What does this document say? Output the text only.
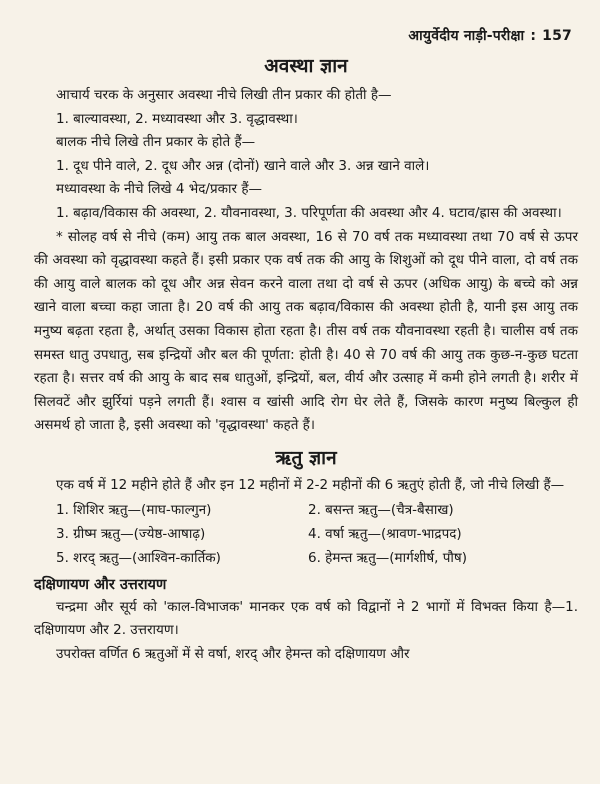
आयुर्वेदीय नाड़ी-परीक्षा : 157
अवस्था ज्ञान

आचार्य चरक के अनुसार अवस्था नीचे लिखी तीन प्रकार की होती है—

1. बाल्यावस्था, 2. मध्यावस्था और 3. वृद्धावस्था।

बालक नीचे लिखे तीन प्रकार के होते हैं—

1. दूध पीने वाले, 2. दूध और अन्न (दोनों) खाने वाले और 3. अन्न खाने वाले।

मध्यावस्था के नीचे लिखे 4 भेद/प्रकार हैं—

1. बढ़ाव/विकास की अवस्था, 2. यौवनावस्था, 3. परिपूर्णता की अवस्था और 4. घटाव/ह्रास की अवस्था।

* सोलह वर्ष से नीचे (कम) आयु तक बाल अवस्था, 16 से 70 वर्ष तक मध्यावस्था तथा 70 वर्ष से ऊपर की अवस्था को वृद्धावस्था कहते हैं। इसी प्रकार एक वर्ष तक की आयु के शिशुओं को दूध पीने वाला, दो वर्ष तक की आयु वाले बालक को दूध और अन्न सेवन करने वाला तथा दो वर्ष से ऊपर (अधिक आयु) के बच्चे को अन्न खाने वाला बच्चा कहा जाता है। 20 वर्ष की आयु तक बढ़ाव/विकास की अवस्था होती है, यानी इस आयु तक मनुष्य बढ़ता रहता है, अर्थात् उसका विकास होता रहता है। तीस वर्ष तक यौवनावस्था रहती है। चालीस वर्ष तक समस्त धातु उपधातु, सब इन्द्रियों और बल की पूर्णता: होती है। 40 से 70 वर्ष की आयु तक कुछ-न-कुछ घटता रहता है। सत्तर वर्ष की आयु के बाद सब धातुओं, इन्द्रियों, बल, वीर्य और उत्साह में कमी होने लगती है। शरीर में सिलवटें और झुर्रियां पड़ने लगती हैं। श्वास व खांसी आदि रोग घेर लेते हैं, जिसके कारण मनुष्य बिल्कुल ही असमर्थ हो जाता है, इसी अवस्था को 'वृद्धावस्था' कहते हैं।

ऋतु ज्ञान

एक वर्ष में 12 महीने होते हैं और इन 12 महीनों में 2-2 महीनों की 6 ऋतुएं होती हैं, जो नीचे लिखी हैं—

1. शिशिर ऋतु—(माघ-फाल्गुन)	2. बसन्त ऋतु—(चैत्र-बैसाख)
3. ग्रीष्म ऋतु—(ज्येष्ठ-आषाढ़)	4. वर्षा ऋतु—(श्रावण-भाद्रपद)
5. शरद् ऋतु—(आश्विन-कार्तिक)	6. हेमन्त ऋतु—(मार्गशीर्ष, पौष)
दक्षिणायण और उत्तरायण

चन्द्रमा और सूर्य को 'काल-विभाजक' मानकर एक वर्ष को विद्वानों ने 2 भागों में विभक्त किया है—1. दक्षिणायण और 2. उत्तरायण।

उपरोक्त वर्णित 6 ऋतुओं में से वर्षा, शरद् और हेमन्त को दक्षिणायण और
